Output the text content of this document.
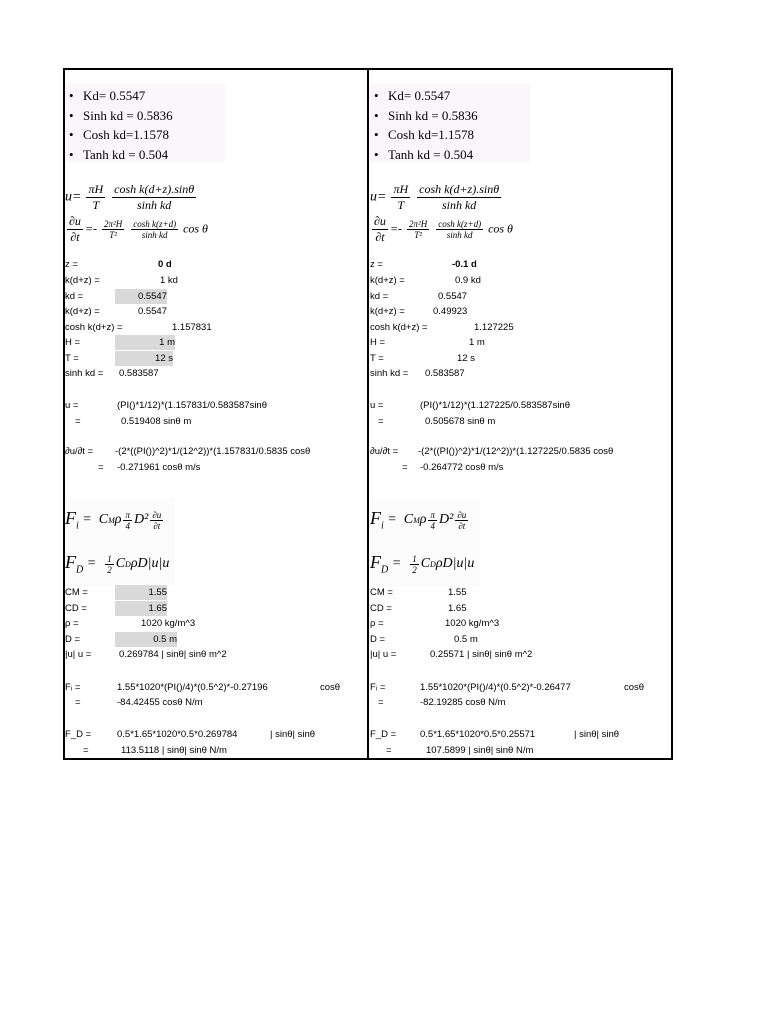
• Kd= 0.5547
• Sinh kd = 0.5836
• Cosh kd=1.1578
• Tanh kd = 0.504
$u= \frac{\pi H}{T}$
$\frac{\text{cosh k(d+z).sinθ}}{\text{sinh kd}}$
$\frac{\partial u}{\partial t} =- \frac{\text{2π²H}}{\text{T²}}$
$\frac{\text{cosh k(z+d)}}{\text{sinh kd}}$ cos θ
z =	0 d
k(d+z) =	1 kd
kd =	0.5547
k(d+z) =	0.5547
cosh k(d+z) =	1.157831
H =	1 m
T =	12 s
sinh kd = 0.583587
u =	(PI()*1/12)*(1.157831/0.583587sinθ
=	0.519408 sinθ m
∂u/∂t = -(2*((PI())^2)*1/(12^2))*(1.157831/0.5835 cosθ
= -0.271961 cosθ m/s
$F_i = C$ M ρ $\frac{\pi}{4} D^2 \frac{\partial u}{\partial t}$
$F_D = \frac{1}{2}$ C D ρD|u|u
CM =	1.55
CD =	1.65
ρ =	1020 kg/m^3
D =	0.5 m
|u| u =	0.269784 | sinθ| sinθ m^2
Fᵢ =	1.55*1020*(PI()/4)*(0.5^2)*-0.27196	cosθ
=	-84.42455 cosθ N/m
F_D =	0.5*1.65*1020*0.5*0.269784	| sinθ| sinθ
=	113.5118 | sinθ| sinθ N/m
• Kd= 0.5547
• Sinh kd = 0.5836
• Cosh kd=1.1578
• Tanh kd = 0.504
$u= \frac{\pi H}{T}$
$\frac{\text{cosh k(d+z).sinθ}}{\text{sinh kd}}$
$\frac{\partial u}{\partial t} =- \frac{\text{2π²H}}{\text{T²}}$
$\frac{\text{cosh k(z+d)}}{\text{sinh kd}}$ cos θ
z =	-0.1 d
k(d+z) =	0.9 kd
kd =	0.5547
k(d+z) =	0.49923
cosh k(d+z) =	1.127225
H =	1 m
T =	12 s
sinh kd = 0.583587
u =	(PI()*1/12)*(1.127225/0.583587sinθ
=	0.505678 sinθ m
∂u/∂t = -(2*((PI())^2)*1/(12^2))*(1.127225/0.5835 cosθ
= -0.264772 cosθ m/s
$F_i = C$ M ρ $\frac{\pi}{4} D^2 \frac{\partial u}{\partial t}$
$F_D = \frac{1}{2}$ C D ρD|u|u
CM =	1.55
CD =	1.65
ρ =	1020 kg/m^3
D =	0.5 m
|u| u =	0.25571 | sinθ| sinθ m^2
Fᵢ =	1.55*1020*(PI()/4)*(0.5^2)*-0.26477	cosθ
=	-82.19285 cosθ N/m
F_D =	0.5*1.65*1020*0.5*0.25571	| sinθ| sinθ
=	107.5899 | sinθ| sinθ N/m
